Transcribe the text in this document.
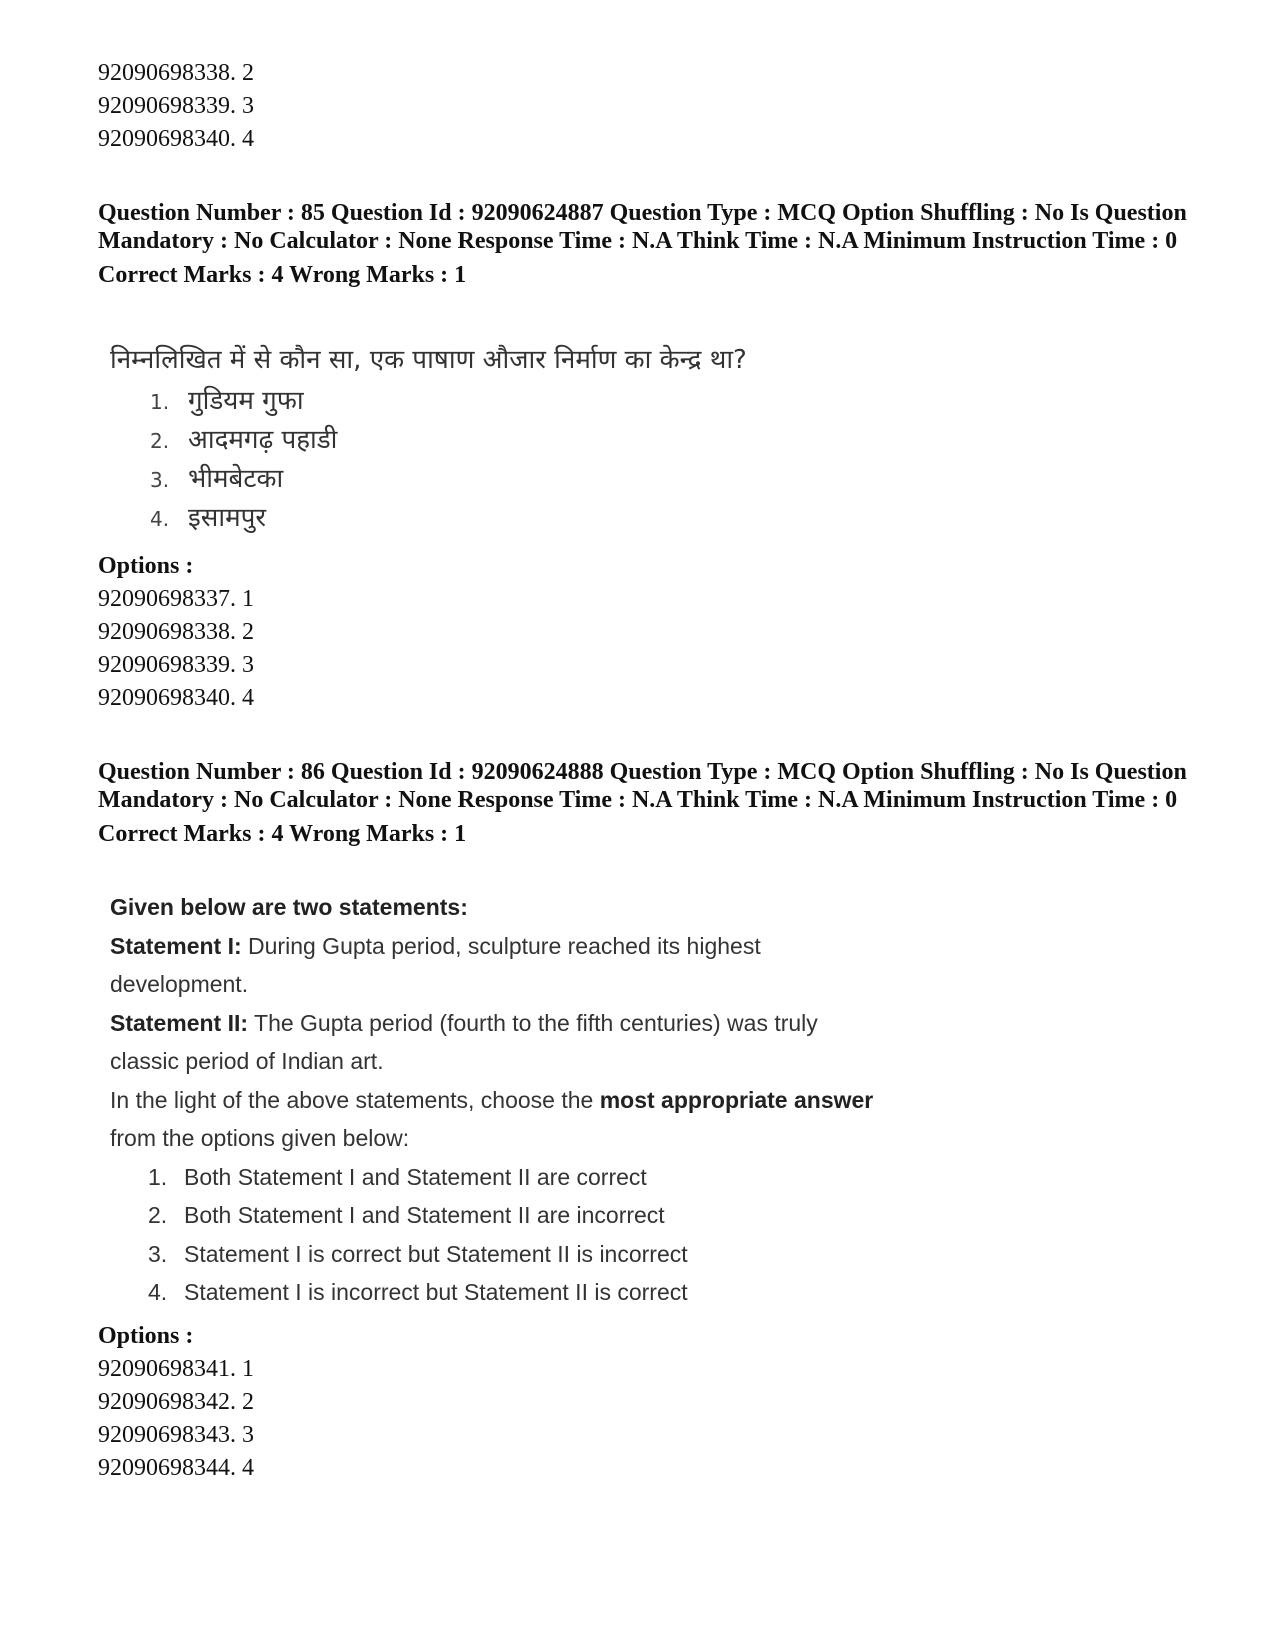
92090698338. 2

92090698339. 3

92090698340. 4

Question Number : 85 Question Id : 92090624887 Question Type : MCQ Option Shuffling : No Is Question Mandatory : No Calculator : None Response Time : N.A Think Time : N.A Minimum Instruction Time : 0

Correct Marks : 4 Wrong Marks : 1

निम्नलिखित में से कौन सा, एक पाषाण औजार निर्माण का केन्द्र था?

1. गुडियम गुफा
2. आदमगढ़ पहाडी
3. भीमबेटका
4. इसामपुर

Options :

92090698337. 1

92090698338. 2

92090698339. 3

92090698340. 4

Question Number : 86 Question Id : 92090624888 Question Type : MCQ Option Shuffling : No Is Question Mandatory : No Calculator : None Response Time : N.A Think Time : N.A Minimum Instruction Time : 0

Correct Marks : 4 Wrong Marks : 1

Given below are two statements:

Statement I: During Gupta period, sculpture reached its highest

development.

Statement II: The Gupta period (fourth to the fifth centuries) was truly

classic period of Indian art.

In the light of the above statements, choose the most appropriate answer

from the options given below:

1. Both Statement I and Statement II are correct
2. Both Statement I and Statement II are incorrect
3. Statement I is correct but Statement II is incorrect
4. Statement I is incorrect but Statement II is correct

Options :

92090698341. 1

92090698342. 2

92090698343. 3

92090698344. 4
